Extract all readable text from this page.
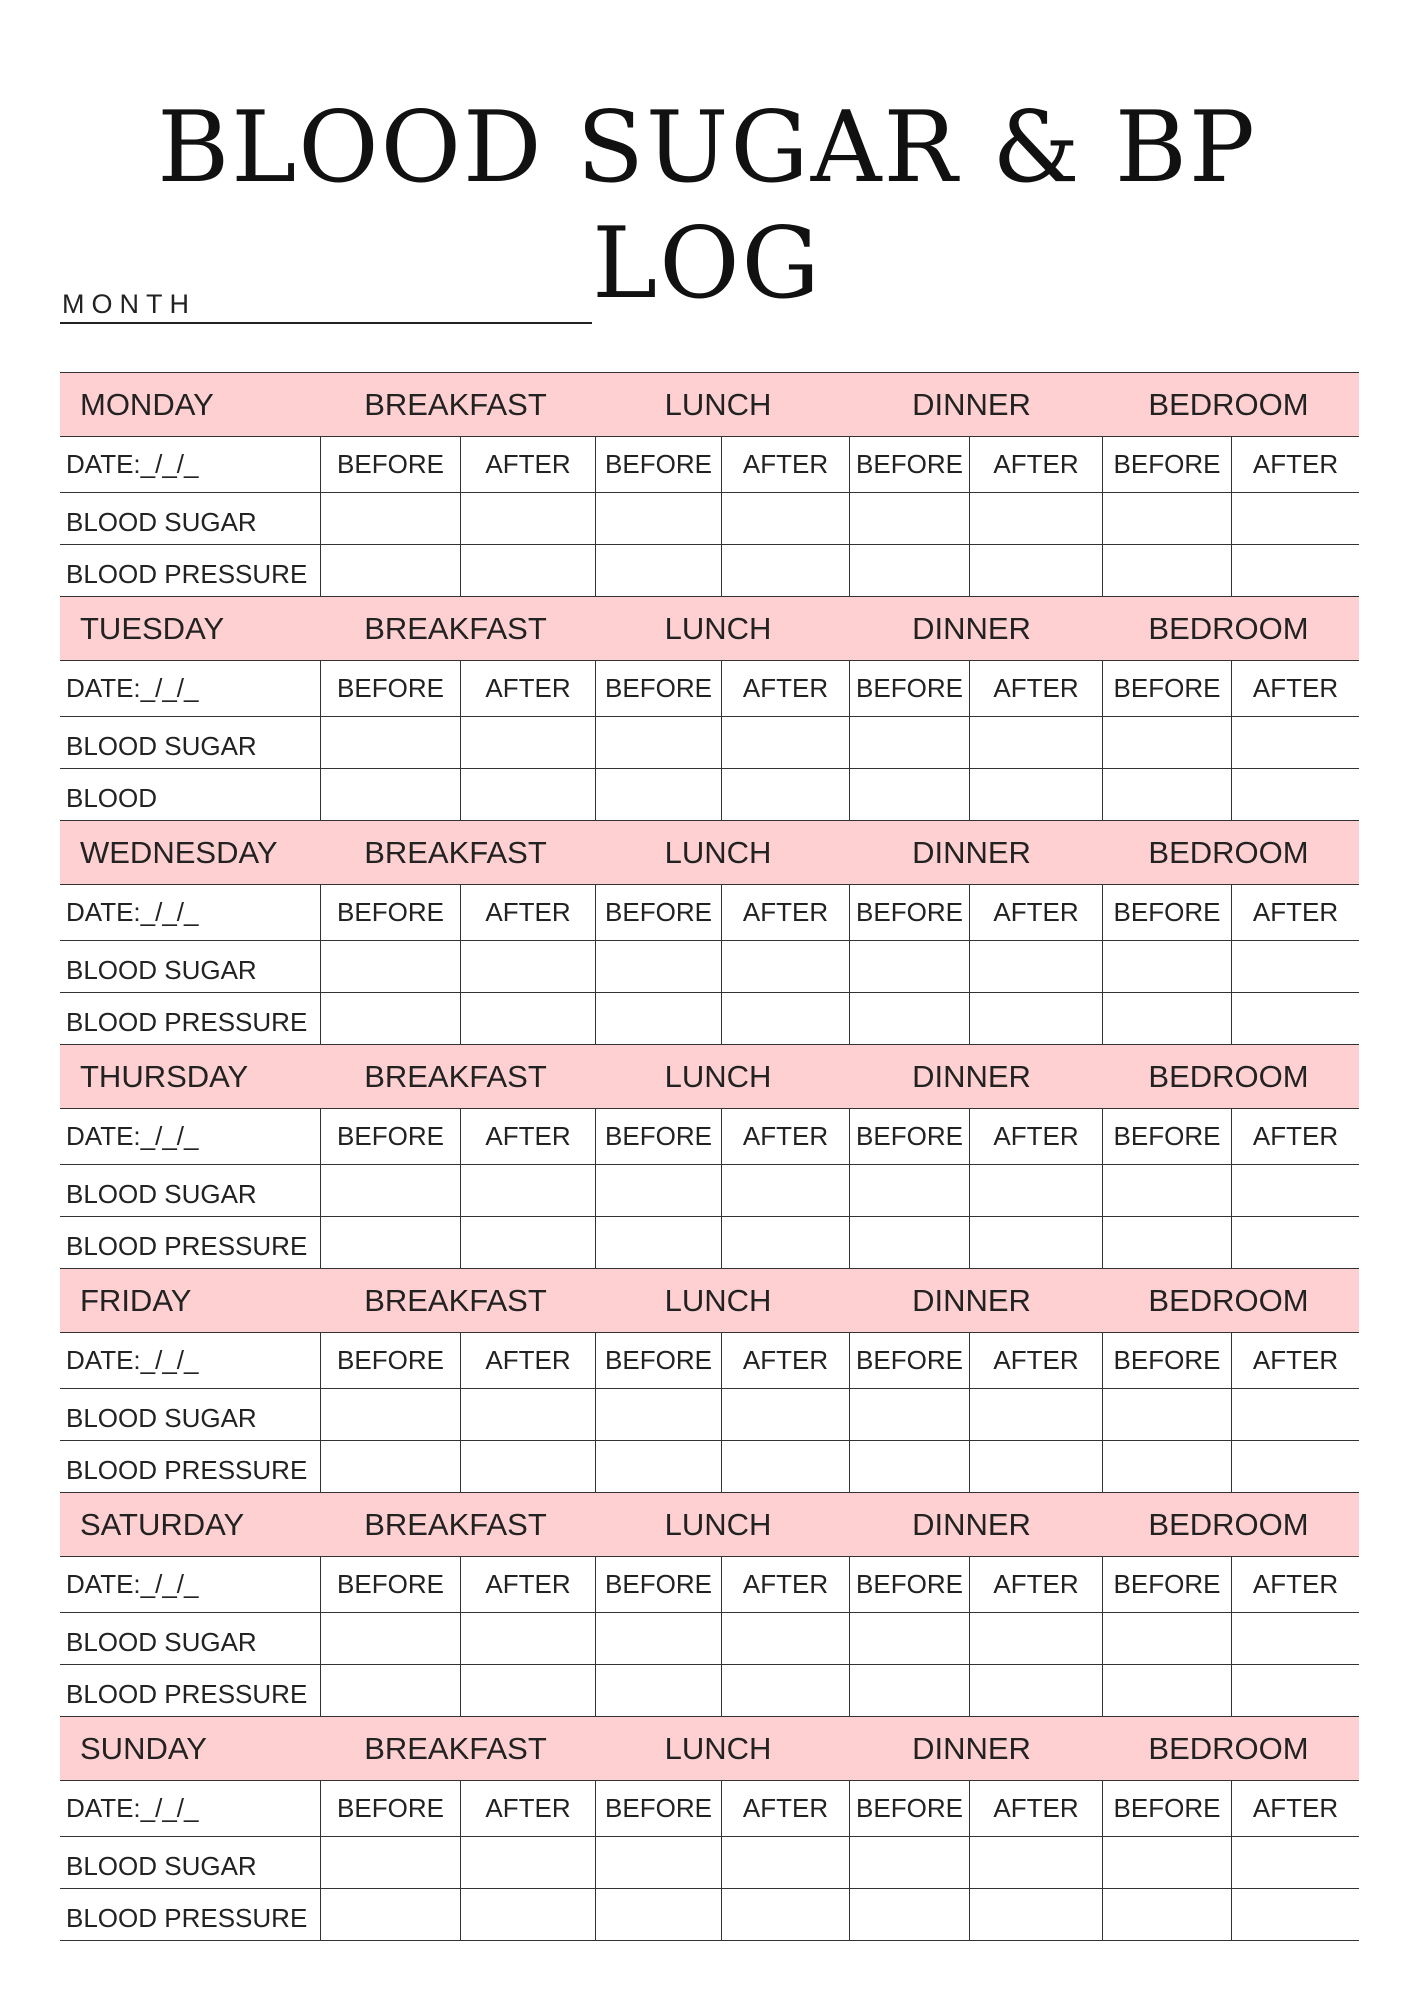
BLOOD SUGAR & BP
LOG
MONTH
MONDAY	BREAKFAST	LUNCH	DINNER	BEDROOM
DATE:_/_/_	BEFORE	AFTER	BEFORE	AFTER	BEFORE	AFTER	BEFORE	AFTER
BLOOD SUGAR
BLOOD PRESSURE
TUESDAY	BREAKFAST	LUNCH	DINNER	BEDROOM
DATE:_/_/_	BEFORE	AFTER	BEFORE	AFTER	BEFORE	AFTER	BEFORE	AFTER
BLOOD SUGAR
BLOOD
WEDNESDAY	BREAKFAST	LUNCH	DINNER	BEDROOM
DATE:_/_/_	BEFORE	AFTER	BEFORE	AFTER	BEFORE	AFTER	BEFORE	AFTER
BLOOD SUGAR
BLOOD PRESSURE
THURSDAY	BREAKFAST	LUNCH	DINNER	BEDROOM
DATE:_/_/_	BEFORE	AFTER	BEFORE	AFTER	BEFORE	AFTER	BEFORE	AFTER
BLOOD SUGAR
BLOOD PRESSURE
FRIDAY	BREAKFAST	LUNCH	DINNER	BEDROOM
DATE:_/_/_	BEFORE	AFTER	BEFORE	AFTER	BEFORE	AFTER	BEFORE	AFTER
BLOOD SUGAR
BLOOD PRESSURE
SATURDAY	BREAKFAST	LUNCH	DINNER	BEDROOM
DATE:_/_/_	BEFORE	AFTER	BEFORE	AFTER	BEFORE	AFTER	BEFORE	AFTER
BLOOD SUGAR
BLOOD PRESSURE
SUNDAY	BREAKFAST	LUNCH	DINNER	BEDROOM
DATE:_/_/_	BEFORE	AFTER	BEFORE	AFTER	BEFORE	AFTER	BEFORE	AFTER
BLOOD SUGAR
BLOOD PRESSURE
